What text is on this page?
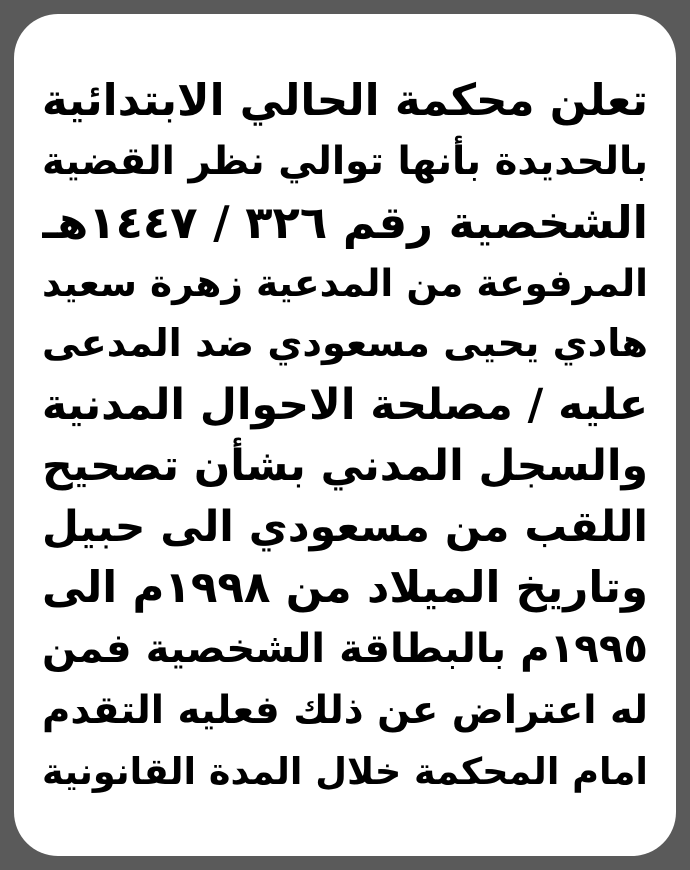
تعلن محكمة الحالي الابتدائية
بالحديدة بأنها توالي نظر القضية
الشخصية رقم ٣٢٦ / ١٤٤٧هـ
المرفوعة من المدعية زهرة سعيد
هادي يحيى مسعودي ضد المدعى
عليه / مصلحة الاحوال المدنية
والسجل المدني بشأن تصحيح
اللقب من مسعودي الى حبيل
وتاريخ الميلاد من ١٩٩٨م الى
١٩٩٥م بالبطاقة الشخصية فمن
له اعتراض عن ذلك فعليه التقدم
امام المحكمة خلال المدة القانونية
